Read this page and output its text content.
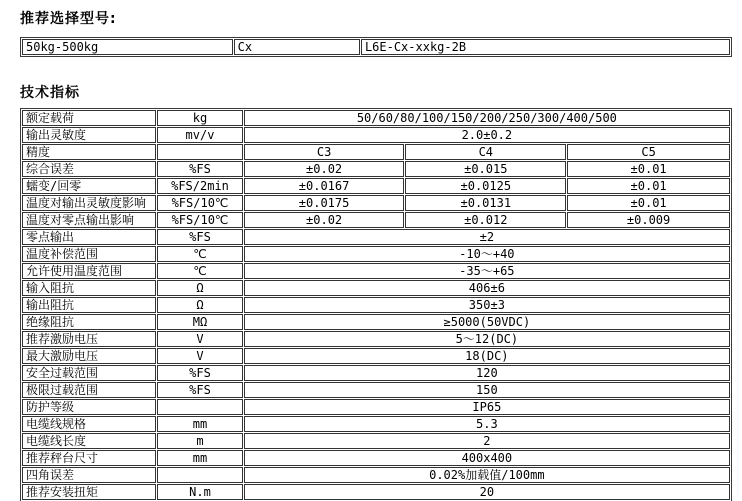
推荐选择型号:
50kg-500kg	Cx	L6E-Cx-xxkg-2B
技术指标
额定载荷	kg	50/60/80/100/150/200/250/300/400/500		
输出灵敏度	mv/v	2.0±0.2		
精度		C3	C4	C5
综合误差	%FS	±0.02	±0.015	±0.01
蠕变/回零	%FS/2min	±0.0167	±0.0125	±0.01
温度对输出灵敏度影响	%FS/10℃	±0.0175	±0.0131	±0.01
温度对零点输出影响	%FS/10℃	±0.02	±0.012	±0.009
零点输出	%FS	±2		
温度补偿范围	℃	-10～+40		
允许使用温度范围	℃	-35～+65		
输入阻抗	Ω	406±6		
输出阻抗	Ω	350±3		
绝缘阻抗	MΩ	≥5000(50VDC)		
推荐激励电压	V	5～12(DC)		
最大激励电压	V	18(DC)		
安全过载范围	%FS	120		
极限过载范围	%FS	150		
防护等级		IP65		
电缆线规格	mm	5.3		
电缆线长度	m	2		
推荐秤台尺寸	mm	400x400		
四角误差		0.02%加载值/100mm		
推荐安装扭矩	N.m	20		
